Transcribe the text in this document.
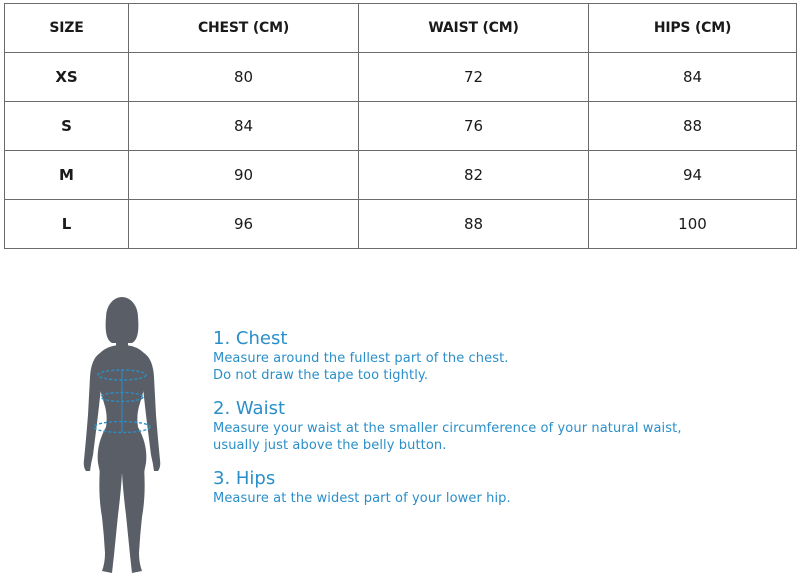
SIZE	CHEST (CM)	WAIST (CM)	HIPS (CM)
XS	80	72	84
S	84	76	88
M	90	82	94
L	96	88	100

1. Chest

Measure around the fullest part of the chest.

Do not draw the tape too tightly.

2. Waist

Measure your waist at the smaller circumference of your natural waist,

usually just above the belly button.

3. Hips

Measure at the widest part of your lower hip.
